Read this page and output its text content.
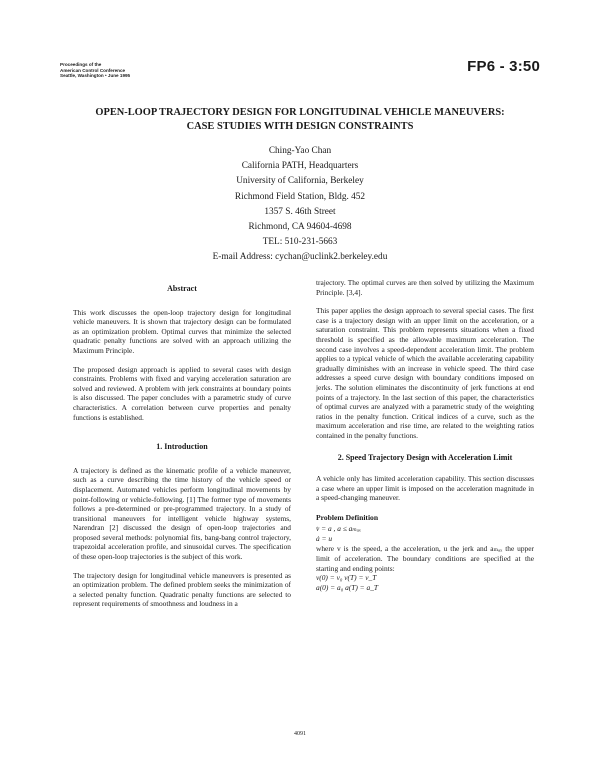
Proceedings of the
American Control Conference
Seattle, Washington • June 1995
FP6 - 3:50
OPEN-LOOP TRAJECTORY DESIGN FOR LONGITUDINAL VEHICLE MANEUVERS:
CASE STUDIES WITH DESIGN CONSTRAINTS
Ching-Yao Chan
California PATH, Headquarters
University of California, Berkeley
Richmond Field Station, Bldg. 452
1357 S. 46th Street
Richmond, CA 94604-4698
TEL: 510-231-5663
E-mail Address: cychan@uclink2.berkeley.edu
Abstract

This work discusses the open-loop trajectory design for longitudinal vehicle maneuvers. It is shown that trajectory design can be formulated as an optimization problem. Optimal curves that minimize the selected quadratic penalty functions are solved with an approach utilizing the Maximum Principle.

The proposed design approach is applied to several cases with design constraints. Problems with fixed and varying acceleration saturation are solved and reviewed. A problem with jerk constraints at boundary points is also discussed. The paper concludes with a parametric study of curve characteristics. A correlation between curve properties and penalty functions is established.

1. Introduction

A trajectory is defined as the kinematic profile of a vehicle maneuver, such as a curve describing the time history of the vehicle speed or displacement. Automated vehicles perform longitudinal movements by point-following or vehicle-following. [1] The former type of movements follows a pre-determined or pre-programmed trajectory. In a study of transitional maneuvers for intelligent vehicle highway systems, Narendran [2] discussed the design of open-loop trajectories and proposed several methods: polynomial fits, bang-bang control trajectory, trapezoidal acceleration profile, and sinusoidal curves. The specification of these open-loop trajectories is the subject of this work.

The trajectory design for longitudinal vehicle maneuvers is presented as an optimization problem. The defined problem seeks the minimization of a selected penalty function. Quadratic penalty functions are selected to represent requirements of smoothness and loudness in a

trajectory. The optimal curves are then solved by utilizing the Maximum Principle. [3,4].

This paper applies the design approach to several special cases. The first case is a trajectory design with an upper limit on the acceleration, or a saturation constraint. This problem represents situations when a fixed threshold is specified as the allowable maximum acceleration. The second case involves a speed-dependent acceleration limit. The problem applies to a typical vehicle of which the available accelerating capability gradually diminishes with an increase in vehicle speed. The third case addresses a speed curve design with boundary conditions imposed on jerks. The solution eliminates the discontinuity of jerk functions at end points of a trajectory. In the last section of this paper, the characteristics of optimal curves are analyzed with a parametric study of the weighting ratios in the penalty function. Critical indices of a curve, such as the maximum acceleration and rise time, are related to the weighting ratios contained in the penalty functions.

2. Speed Trajectory Design with Acceleration Limit

A vehicle only has limited acceleration capability. This section discusses a case where an upper limit is imposed on the acceleration magnitude in a speed-changing maneuver.

Problem Definition
v̇ = a , a ≤ aₘₐₓ
ȧ = u

where v is the speed, a the acceleration, u the jerk and aₘₐₓ the upper limit of acceleration. The boundary conditions are specified at the starting and ending points:

v(0) = v₀ v(T) = v_T
a(0) = a₀ a(T) = a_T
4091
